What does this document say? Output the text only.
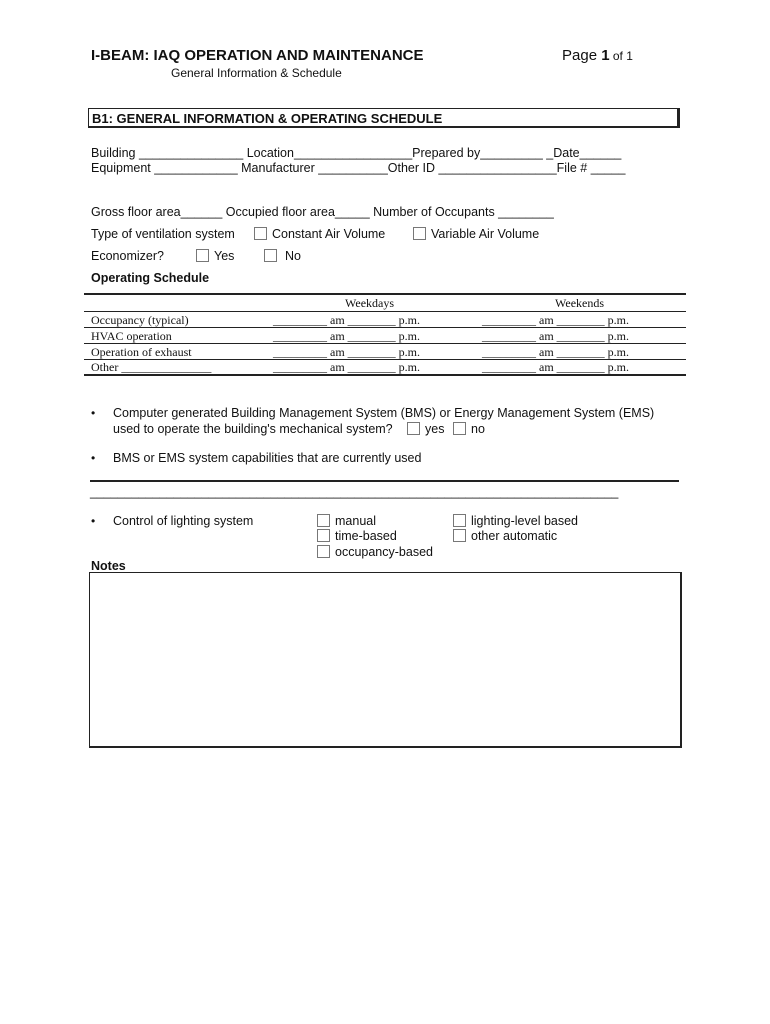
I-BEAM: IAQ OPERATION AND MAINTENANCE	Page 1 of 1
General Information & Schedule
B1: GENERAL INFORMATION & OPERATING SCHEDULE
Building _______________ Location_________________Prepared by_________ _Date______
Equipment ____________ Manufacturer __________Other ID _________________File # _____
Gross floor area______ Occupied floor area_____ Number of Occupants ________
Type of ventilation system	Constant Air Volume	Variable Air Volume
Economizer?	Yes	No
Operating Schedule
Weekdays	Weekends
Occupancy (typical)	_________ am ________ p.m.	_________ am ________ p.m.
HVAC operation	_________ am ________ p.m.	_________ am ________ p.m.
Operation of exhaust	_________ am ________ p.m.	_________ am ________ p.m.
Other _______________	_________ am ________ p.m.	_________ am ________ p.m.
• Computer generated Building Management System (BMS) or Energy Management System (EMS)
used to operate the building's mechanical system?	yes no
• BMS or EMS system capabilities that are currently used
____________________________________________________________________________
• Control of lighting system	manual
time-based
occupancy-based
lighting-level based
other automatic
Notes
